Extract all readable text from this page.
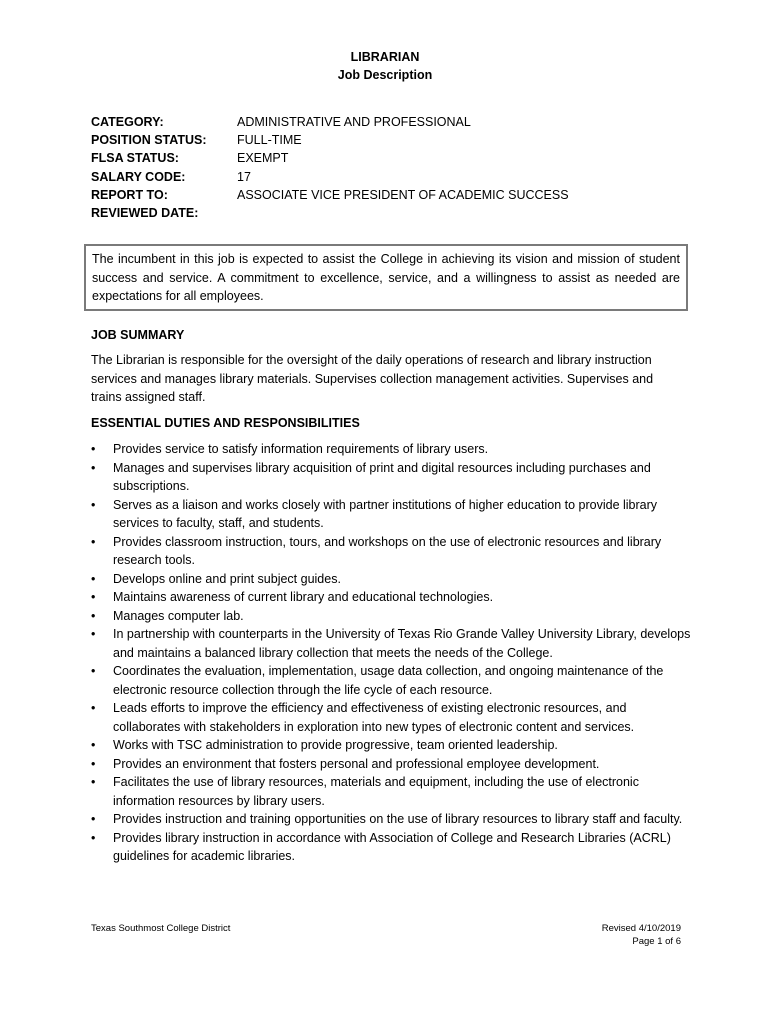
LIBRARIAN
Job Description
CATEGORY:	ADMINISTRATIVE AND PROFESSIONAL
POSITION STATUS:	FULL-TIME
FLSA STATUS:	EXEMPT
SALARY CODE:	17
REPORT TO:	ASSOCIATE VICE PRESIDENT OF ACADEMIC SUCCESS
REVIEWED DATE:
The incumbent in this job is expected to assist the College in achieving its vision and mission of student success and service. A commitment to excellence, service, and a willingness to assist as needed are expectations for all employees.
JOB SUMMARY
The Librarian is responsible for the oversight of the daily operations of research and library instruction services and manages library materials. Supervises collection management activities. Supervises and trains assigned staff.
ESSENTIAL DUTIES AND RESPONSIBILITIES
•	Provides service to satisfy information requirements of library users.
•	Manages and supervises library acquisition of print and digital resources including purchases and subscriptions.
•	Serves as a liaison and works closely with partner institutions of higher education to provide library services to faculty, staff, and students.
•	Provides classroom instruction, tours, and workshops on the use of electronic resources and library research tools.
•	Develops online and print subject guides.
•	Maintains awareness of current library and educational technologies.
•	Manages computer lab.
•	In partnership with counterparts in the University of Texas Rio Grande Valley University Library, develops and maintains a balanced library collection that meets the needs of the College.
•	Coordinates the evaluation, implementation, usage data collection, and ongoing maintenance of the electronic resource collection through the life cycle of each resource.
•	Leads efforts to improve the efficiency and effectiveness of existing electronic resources, and collaborates with stakeholders in exploration into new types of electronic content and services.
•	Works with TSC administration to provide progressive, team oriented leadership.
•	Provides an environment that fosters personal and professional employee development.
•	Facilitates the use of library resources, materials and equipment, including the use of electronic information resources by library users.
•	Provides instruction and training opportunities on the use of library resources to library staff and faculty.
•	Provides library instruction in accordance with Association of College and Research Libraries (ACRL) guidelines for academic libraries.
Texas Southmost College District	Revised 4/10/2019
Page 1 of 6
